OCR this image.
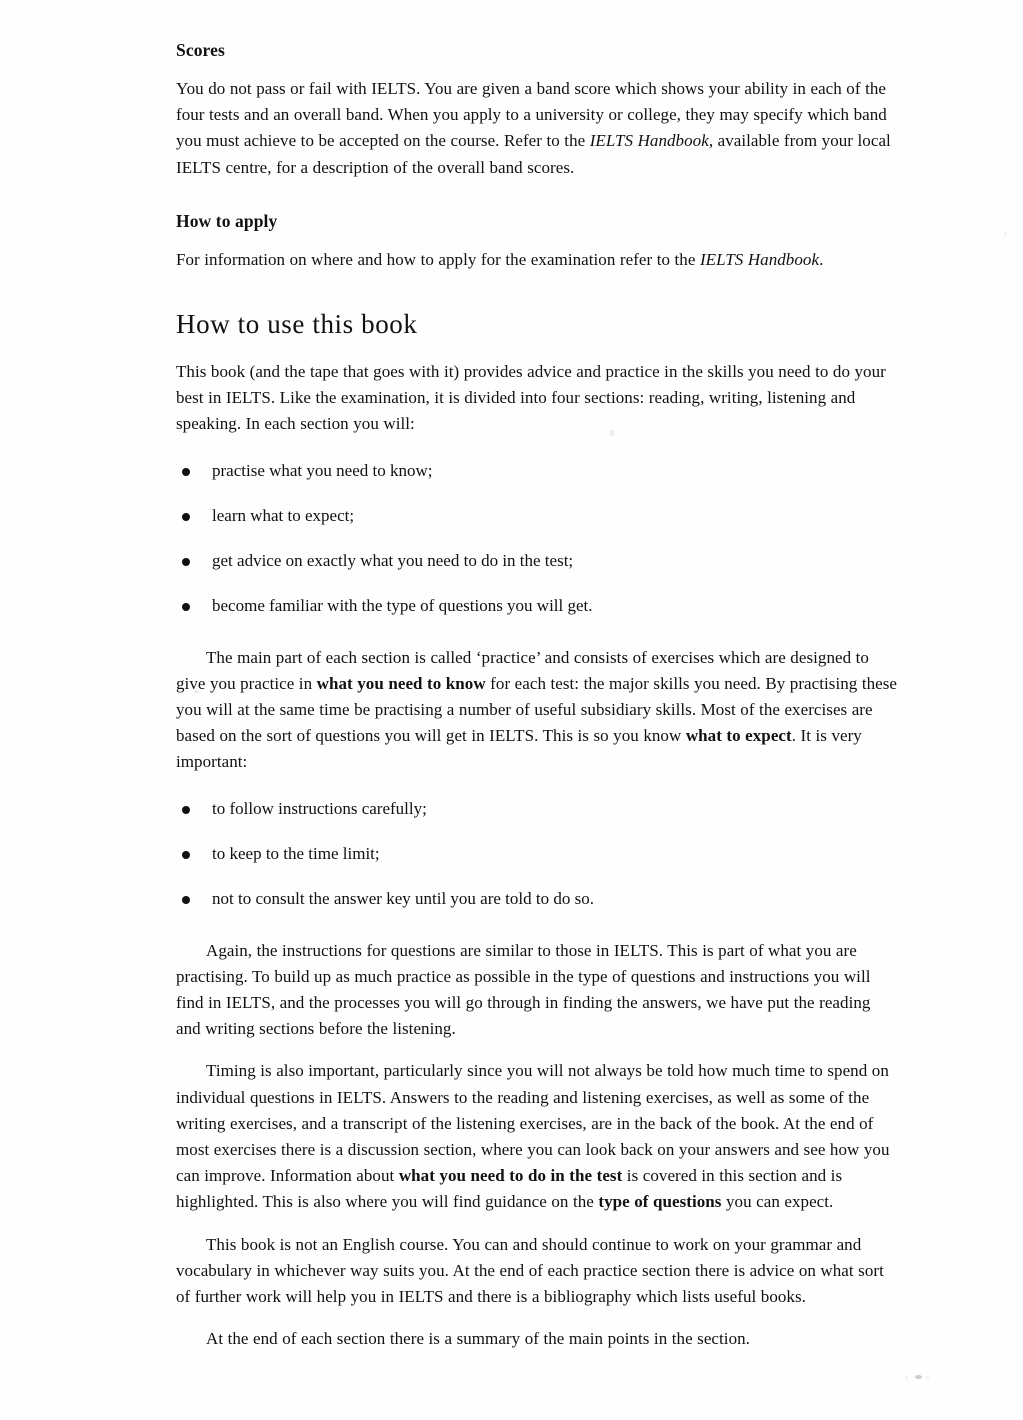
Scores

You do not pass or fail with IELTS. You are given a band score which shows your ability in each of the four tests and an overall band. When you apply to a university or college, they may specify which band you must achieve to be accepted on the course. Refer to the IELTS Handbook, available from your local IELTS centre, for a description of the overall band scores.

How to apply

For information on where and how to apply for the examination refer to the IELTS Handbook.

How to use this book

This book (and the tape that goes with it) provides advice and practice in the skills you need to do your best in IELTS. Like the examination, it is divided into four sections: reading, writing, listening and speaking. In each section you will:

practise what you need to know;
learn what to expect;
get advice on exactly what you need to do in the test;
become familiar with the type of questions you will get.

The main part of each section is called ‘practice’ and consists of exercises which are designed to give you practice in what you need to know for each test: the major skills you need. By practising these you will at the same time be practising a number of useful subsidiary skills. Most of the exercises are based on the sort of questions you will get in IELTS. This is so you know what to expect. It is very important:

to follow instructions carefully;
to keep to the time limit;
not to consult the answer key until you are told to do so.

Again, the instructions for questions are similar to those in IELTS. This is part of what you are practising. To build up as much practice as possible in the type of questions and instructions you will find in IELTS, and the processes you will go through in finding the answers, we have put the reading and writing sections before the listening.

Timing is also important, particularly since you will not always be told how much time to spend on individual questions in IELTS. Answers to the reading and listening exercises, as well as some of the writing exercises, and a transcript of the listening exercises, are in the back of the book. At the end of most exercises there is a discussion section, where you can look back on your answers and see how you can improve. Information about what you need to do in the test is covered in this section and is highlighted. This is also where you will find guidance on the type of questions you can expect.

This book is not an English course. You can and should continue to work on your grammar and vocabulary in whichever way suits you. At the end of each practice section there is advice on what sort of further work will help you in IELTS and there is a bibliography which lists useful books.

At the end of each section there is a summary of the main points in the section.
